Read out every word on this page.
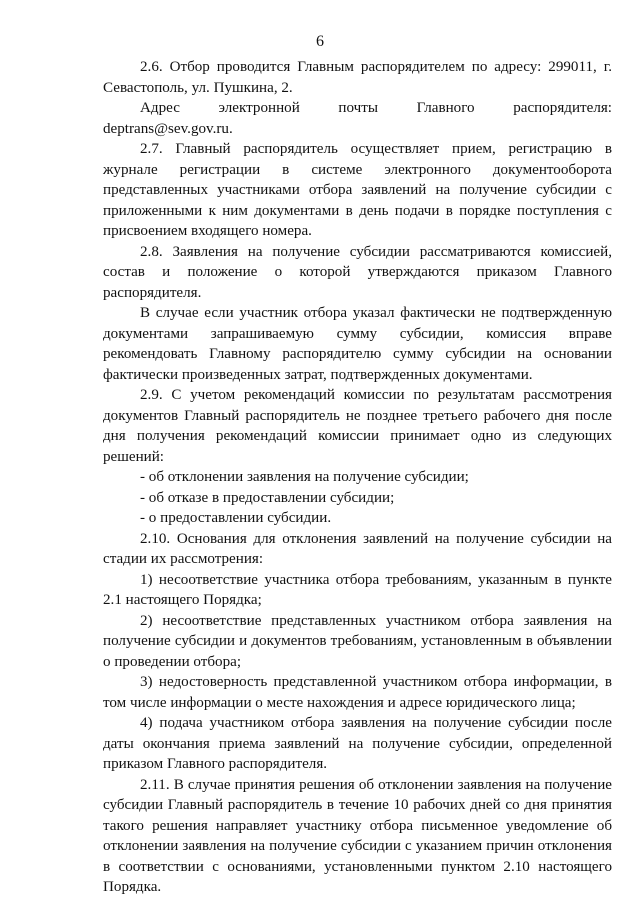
6

2.6. Отбор проводится Главным распорядителем по адресу: 299011, г. Севастополь, ул. Пушкина, 2.

Адрес электронной почты Главного распорядителя:

deptrans@sev.gov.ru.

2.7. Главный распорядитель осуществляет прием, регистрацию в журнале регистрации в системе электронного документооборота представленных участниками отбора заявлений на получение субсидии с приложенными к ним документами в день подачи в порядке поступления с присвоением входящего номера.

2.8. Заявления на получение субсидии рассматриваются комиссией, состав и положение о которой утверждаются приказом Главного распорядителя.

В случае если участник отбора указал фактически не подтвержденную документами запрашиваемую сумму субсидии, комиссия вправе рекомендовать Главному распорядителю сумму субсидии на основании фактически произведенных затрат, подтвержденных документами.

2.9. С учетом рекомендаций комиссии по результатам рассмотрения документов Главный распорядитель не позднее третьего рабочего дня после дня получения рекомендаций комиссии принимает одно из следующих решений:

- об отклонении заявления на получение субсидии;

- об отказе в предоставлении субсидии;

- о предоставлении субсидии.

2.10. Основания для отклонения заявлений на получение субсидии на стадии их рассмотрения:

1) несоответствие участника отбора требованиям, указанным в пункте 2.1 настоящего Порядка;

2) несоответствие представленных участником отбора заявления на получение субсидии и документов требованиям, установленным в объявлении о проведении отбора;

3) недостоверность представленной участником отбора информации, в том числе информации о месте нахождения и адресе юридического лица;

4) подача участником отбора заявления на получение субсидии после даты окончания приема заявлений на получение субсидии, определенной приказом Главного распорядителя.

2.11. В случае принятия решения об отклонении заявления на получение субсидии Главный распорядитель в течение 10 рабочих дней со дня принятия такого решения направляет участнику отбора письменное уведомление об отклонении заявления на получение субсидии с указанием причин отклонения в соответствии с основаниями, установленными пунктом 2.10 настоящего Порядка.
